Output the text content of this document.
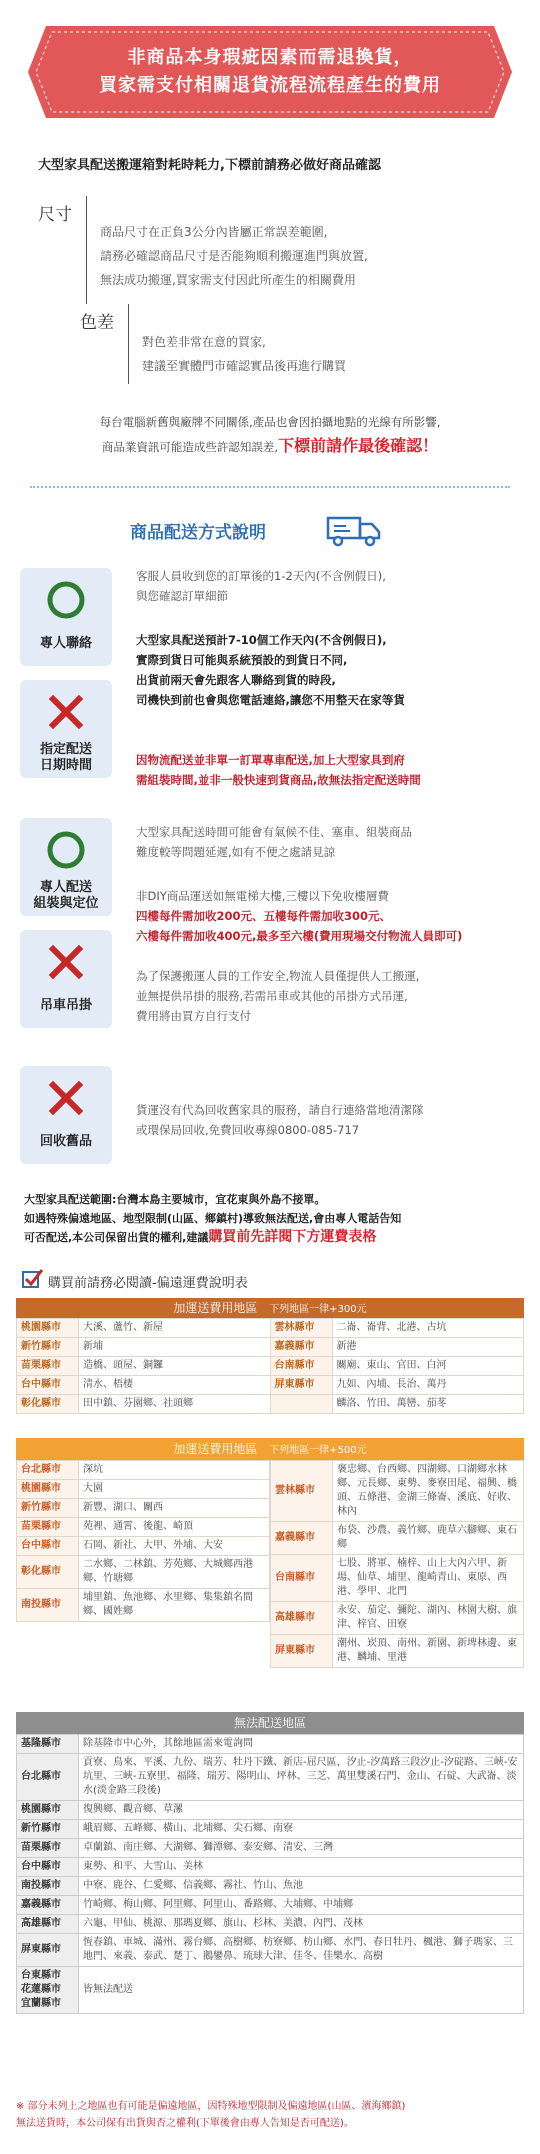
非商品本身瑕疵因素而需退換貨，
買家需支付相關退貨流程流程產生的費用
大型家具配送搬運箱對耗時耗力,下標前請務必做好商品確認
尺寸
商品尺寸在正負3公分內皆屬正常誤差範圍,
請務必確認商品尺寸是否能夠順利搬運進門與放置,
無法成功搬運,買家需支付因此所產生的相關費用
色差
對色差非常在意的買家,
建議至實體門市確認實品後再進行購買
每台電腦新舊與廠牌不同關係,產品也會因拍攝地點的光線有所影響,
商品業資訊可能造成些許認知誤差,下標前請作最後確認！
商品配送方式說明
專人聯絡
客服人員收到您的訂單後的1-2天內(不含例假日),
與您確認訂單細節
大型家具配送預計7-10個工作天內(不含例假日),
實際到貨日可能與系統預設的到貨日不同,
出貨前兩天會先跟客人聯絡到貨的時段,
司機快到前也會與您電話連絡,讓您不用整天在家等貨
指定配送
日期時間	因物流配送並非單一訂單專車配送,加上大型家具到府
需組裝時間,並非一般快速到貨商品,故無法指定配送時間
專人配送
組裝與定位
大型家具配送時間可能會有氣候不佳、塞車、組裝商品
難度較等問題延遲,如有不便之處請見諒
非DIY商品運送如無電梯大樓,三樓以下免收樓層費
四樓每件需加收200元、五樓每件需加收300元、
六樓每件需加收400元,最多至六樓(費用現場交付物流人員即可)
吊車吊掛
為了保護搬運人員的工作安全,物流人員僅提供人工搬運,
並無提供吊掛的服務,若需吊車或其他的吊掛方式吊運,
費用將由買方自行支付
回收舊品
貨運沒有代為回收舊家具的服務，請自行連絡當地清潔隊
或環保局回收,免費回收專線0800-085-717
大型家具配送範圍:台灣本島主要城市，宜花東與外島不接單。
如遇特殊偏遠地區、地型限制(山區、鄉鎮村)導致無法配送,會由專人電話告知
可否配送,本公司保留出貨的權利,建議購買前先詳閱下方運費表格
購買前請務必閱讀-偏遠運費說明表
加運送費用地區 下列地區一律+300元
桃園縣市	大溪、蘆竹、新屋	雲林縣市	二崙、崙背、北港、古坑
新竹縣市	新埔	嘉義縣市	新港
苗栗縣市	造橋、頭屋、銅鑼	台南縣市	關廟、東山、官田、白河
台中縣市	清水、梧棲	屏東縣市	九如、內埔、長治、萬丹
彰化縣市	田中鎮、芬園鄉、社頭鄉		麟洛、竹田、萬巒、茄苳
加運送費用地區 下列地區一律+500元
台北縣市	深坑
桃園縣市	大園
新竹縣市	新豐、湖口、關西
苗栗縣市	苑裡、通霄、後龍、崎頂
台中縣市	石岡、新社、大甲、外埔、大安
彰化縣市	二水鄉、二林鎮、芳苑鄉、大城鄉西港鄉、竹塘鄉
南投縣市	埔里鎮、魚池鄉、水里鄉、集集鎮名間鄉、國姓鄉
雲林縣市	褒忠鄉、台西鄉、四湖鄉、口湖鄉水林鄉、元長鄉、東勢、麥寮田尾、福興、橋頭、五條港、金湖三條崙、溪底、好收、林內
嘉義縣市	布袋、沙農、義竹鄉、鹿草六腳鄉、東石鄉
台南縣市	七股、將軍、楠梓、山上大內六甲、新場、仙草、埔里、龍崎青山、東原、西港、學甲、北門
高雄縣市	永安、茄定、彌陀、湖內、林園大樹、旗津、梓官、田寮
屏東縣市	潮州、崁頂、南州、新園、新埤林邊、東港、麟埔、里港
無法配送地區
基隆縣市	除基隆市中心外，其餘地區需來電詢問
台北縣市	貢寮、鳥來、平溪、九份、瑞芳、牡丹下鐵、新店-屈尺區，汐止-汐萬路三段汐止-汐碇路、三峽-安坑里、三峽-五寮里、福隆、瑞芳、陽明山、坪林、三芝、萬里雙溪石門、金山、石碇、大武崙、淡水(淡金路三段後)
桃園縣市	復興鄉、觀音鄉、草漯
新竹縣市	峨眉鄉、五峰鄉、橫山、北埔鄉、尖石鄉、南寮
苗栗縣市	卓蘭鎮、南庄鄉、大湖鄉、獅潭鄉、泰安鄉、清安、三灣
台中縣市	東勢、和平、大雪山、美林
南投縣市	中寮、鹿谷、仁愛鄉、信義鄉、霧社、竹山、魚池
嘉義縣市	竹崎鄉、梅山鄉、阿里鄉、阿里山、番路鄉、大埔鄉、中埔鄉
高雄縣市	六龜、甲仙、桃源、那瑪夏鄉、旗山、杉林、美濃、內門、茂林
屏東縣市	恆春鎮、車城、滿州、霧台鄉、高樹鄉、枋寮鄉、枋山鄉、水門、春日牡丹、楓港、獅子瑪家、三地門、來義、泰武、楚丁、鵝鑾鼻、琉球大津、佳冬、佳樂水、高樹
台東縣市 花蓮縣市 宜蘭縣市	皆無法配送
※ 部分未列上之地區也有可能是偏遠地區，因特殊地型限制及偏遠地區(山區、濱海鄉鎮)
無法送貨時，本公司保有出貨與否之權利(下單後會由專人告知是否可配送)。
